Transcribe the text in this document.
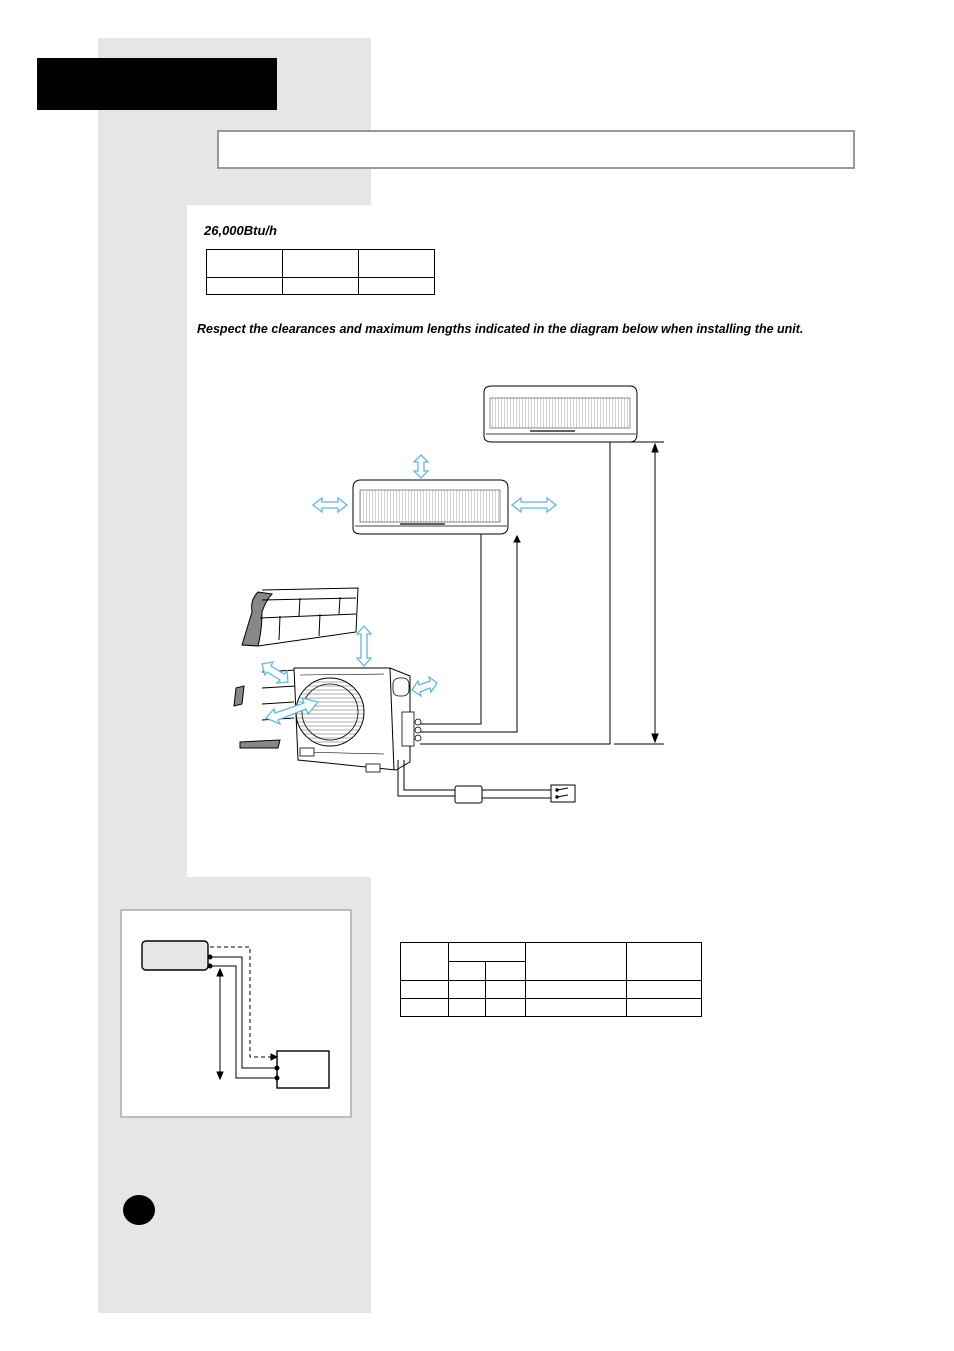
26,000Btu/h

Respect the clearances and maximum lengths indicated in the diagram below when installing the unit.
